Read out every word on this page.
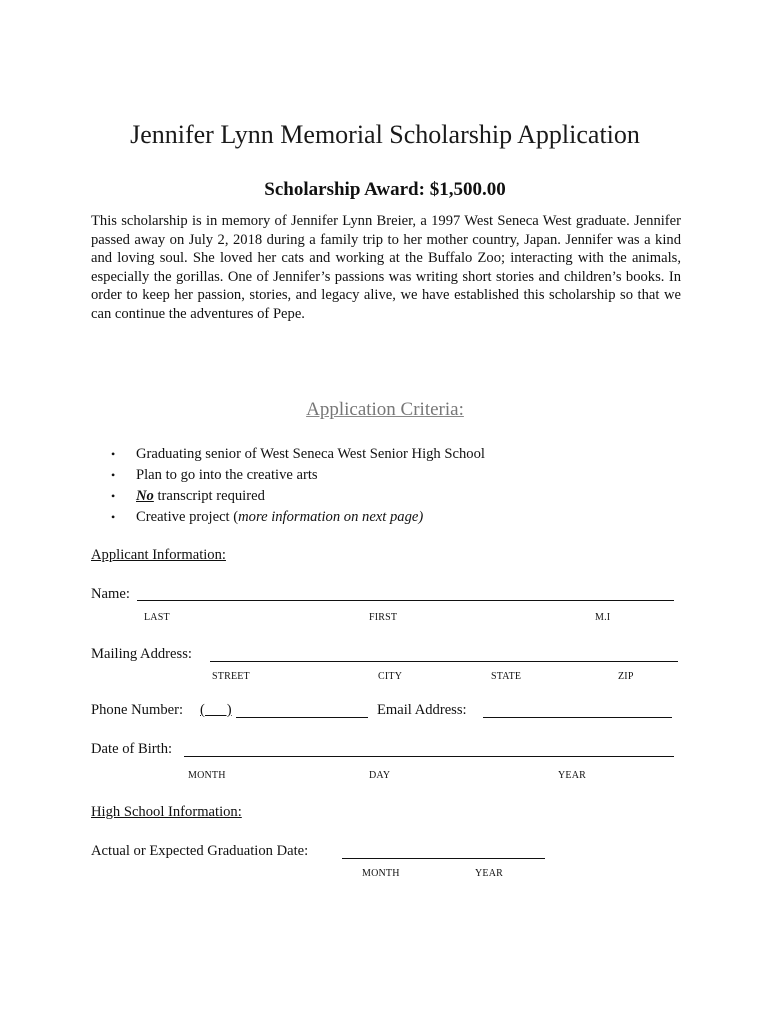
Jennifer Lynn Memorial Scholarship Application
Scholarship Award: $1,500.00

This scholarship is in memory of Jennifer Lynn Breier, a 1997 West Seneca West graduate. Jennifer passed away on July 2, 2018 during a family trip to her mother country, Japan. Jennifer was a kind and loving soul. She loved her cats and working at the Buffalo Zoo; interacting with the animals, especially the gorillas. One of Jennifer’s passions was writing short stories and children’s books. In order to keep her passion, stories, and legacy alive, we have established this scholarship so that we can continue the adventures of Pepe.

Application Criteria:
• Graduating senior of West Seneca West Senior High School
• Plan to go into the creative arts
• No transcript required
• Creative project (more information on next page)
Applicant Information:
Name:
LAST	FIRST	M.I
Mailing Address:
STREET	CITY	STATE	ZIP
Phone Number: (      )	Email Address:
Date of Birth:
MONTH	DAY	YEAR
High School Information:
Actual or Expected Graduation Date:
MONTH	YEAR
